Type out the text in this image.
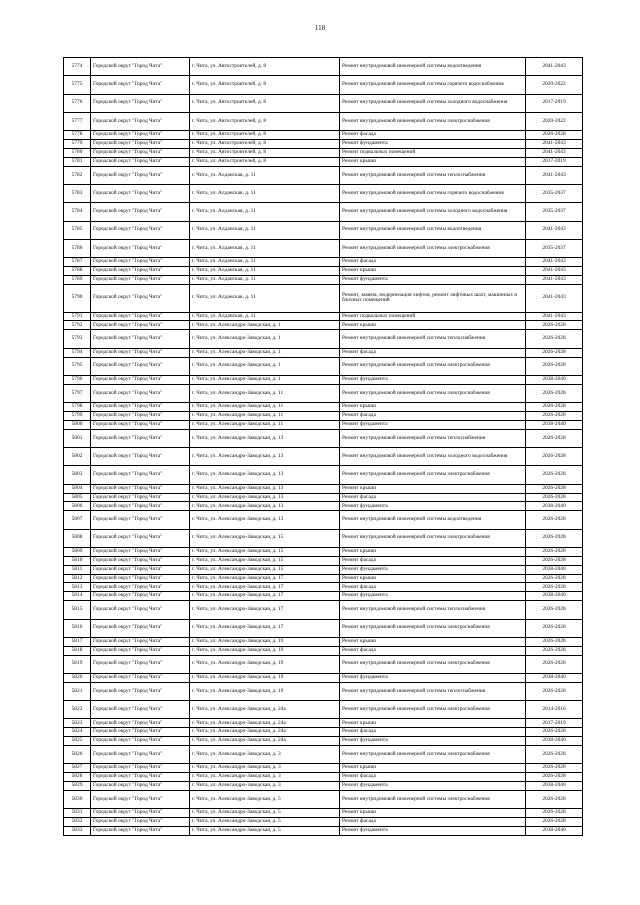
118
5774	Городской округ "Город Чита"	г. Чита, ул. Автостроителей, д. 8	Ремонт внутридомовой инженерной системы водоотведения	2041-2043
5775	Городской округ "Город Чита"	г. Чита, ул. Автостроителей, д. 8	Ремонт внутридомовой инженерной системы горячего водоснабжения	2020-2022
5776	Городской округ "Город Чита"	г. Чита, ул. Автостроителей, д. 8	Ремонт внутридомовой инженерной системы холодного водоснабжения	2017-2019
5777	Городской округ "Город Чита"	г. Чита, ул. Автостроителей, д. 8	Ремонт внутридомовой инженерной системы электроснабжения	2020-2022
5778	Городской округ "Город Чита"	г. Чита, ул. Автостроителей, д. 8	Ремонт фасада	2026-2028
5779	Городской округ "Город Чита"	г. Чита, ул. Автостроителей, д. 8	Ремонт фундамента	2041-2043
5780	Городской округ "Город Чита"	г. Чита, ул. Автостроителей, д. 8	Ремонт подвальных помещений	2041-2043
5781	Городской округ "Город Чита"	г. Чита, ул. Автостроителей, д. 8	Ремонт крыши	2017-2019
5782	Городской округ "Город Чита"	г. Чита, ул. Алданская, д. 11	Ремонт внутридомовой инженерной системы теплоснабжения	2041-2043
5783	Городской округ "Город Чита"	г. Чита, ул. Алданская, д. 11	Ремонт внутридомовой инженерной системы горячего водоснабжения	2035-2037
5784	Городской округ "Город Чита"	г. Чита, ул. Алданская, д. 11	Ремонт внутридомовой инженерной системы холодного водоснабжения	2035-2037
5785	Городской округ "Город Чита"	г. Чита, ул. Алданская, д. 11	Ремонт внутридомовой инженерной системы водоотведения	2041-2043
5786	Городской округ "Город Чита"	г. Чита, ул. Алданская, д. 11	Ремонт внутридомовой инженерной системы электроснабжения	2035-2037
5787	Городской округ "Город Чита"	г. Чита, ул. Алданская, д. 11	Ремонт фасада	2041-2043
5788	Городской округ "Город Чита"	г. Чита, ул. Алданская, д. 11	Ремонт крыши	2041-2043
5789	Городской округ "Город Чита"	г. Чита, ул. Алданская, д. 11	Ремонт фундамента	2041-2043
5790	Городской округ "Город Чита"	г. Чита, ул. Алданская, д. 11	Ремонт, замена, модернизация лифтов, ремонт лифтовых шахт, машинных и блочных помещений	2041-2043
5791	Городской округ "Город Чита"	г. Чита, ул. Алданская, д. 11	Ремонт подвальных помещений	2041-2043
5792	Городской округ "Город Чита"	г. Чита, ул. Александро-Заводская, д. 1	Ремонт крыши	2026-2028
5793	Городской округ "Город Чита"	г. Чита, ул. Александро-Заводская, д. 1	Ремонт внутридомовой инженерной системы теплоснабжения	2026-2028
5794	Городской округ "Город Чита"	г. Чита, ул. Александро-Заводская, д. 1	Ремонт фасада	2026-2028
5795	Городской округ "Город Чита"	г. Чита, ул. Александро-Заводская, д. 1	Ремонт внутридомовой инженерной системы электроснабжения	2026-2028
5796	Городской округ "Город Чита"	г. Чита, ул. Александро-Заводская, д. 1	Ремонт фундамента	2038-2040
5797	Городской округ "Город Чита"	г. Чита, ул. Александро-Заводская, д. 11	Ремонт внутридомовой инженерной системы электроснабжения	2026-2028
5798	Городской округ "Город Чита"	г. Чита, ул. Александро-Заводская, д. 11	Ремонт крыши	2026-2028
5799	Городской округ "Город Чита"	г. Чита, ул. Александро-Заводская, д. 11	Ремонт фасада	2026-2028
5800	Городской округ "Город Чита"	г. Чита, ул. Александро-Заводская, д. 11	Ремонт фундамента	2038-2040
5801	Городской округ "Город Чита"	г. Чита, ул. Александро-Заводская, д. 13	Ремонт внутридомовой инженерной системы теплоснабжения	2026-2028
5802	Городской округ "Город Чита"	г. Чита, ул. Александро-Заводская, д. 13	Ремонт внутридомовой инженерной системы холодного водоснабжения	2026-2028
5803	Городской округ "Город Чита"	г. Чита, ул. Александро-Заводская, д. 13	Ремонт внутридомовой инженерной системы электроснабжения	2026-2028
5804	Городской округ "Город Чита"	г. Чита, ул. Александро-Заводская, д. 13	Ремонт крыши	2026-2028
5805	Городской округ "Город Чита"	г. Чита, ул. Александро-Заводская, д. 13	Ремонт фасада	2026-2028
5806	Городской округ "Город Чита"	г. Чита, ул. Александро-Заводская, д. 13	Ремонт фундамента	2038-2040
5807	Городской округ "Город Чита"	г. Чита, ул. Александро-Заводская, д. 13	Ремонт внутридомовой инженерной системы водоотведения	2026-2028
5808	Городской округ "Город Чита"	г. Чита, ул. Александро-Заводская, д. 15	Ремонт внутридомовой инженерной системы электроснабжения	2026-2028
5809	Городской округ "Город Чита"	г. Чита, ул. Александро-Заводская, д. 15	Ремонт крыши	2026-2028
5810	Городской округ "Город Чита"	г. Чита, ул. Александро-Заводская, д. 15	Ремонт фасада	2026-2028
5811	Городской округ "Город Чита"	г. Чита, ул. Александро-Заводская, д. 15	Ремонт фундамента	2038-2040
5812	Городской округ "Город Чита"	г. Чита, ул. Александро-Заводская, д. 17	Ремонт крыши	2026-2028
5813	Городской округ "Город Чита"	г. Чита, ул. Александро-Заводская, д. 17	Ремонт фасада	2026-2028
5814	Городской округ "Город Чита"	г. Чита, ул. Александро-Заводская, д. 17	Ремонт фундамента	2038-2040
5815	Городской округ "Город Чита"	г. Чита, ул. Александро-Заводская, д. 17	Ремонт внутридомовой инженерной системы теплоснабжения	2026-2028
5816	Городской округ "Город Чита"	г. Чита, ул. Александро-Заводская, д. 17	Ремонт внутридомовой инженерной системы электроснабжения	2026-2028
5817	Городской округ "Город Чита"	г. Чита, ул. Александро-Заводская, д. 19	Ремонт крыши	2026-2028
5818	Городской округ "Город Чита"	г. Чита, ул. Александро-Заводская, д. 19	Ремонт фасада	2026-2028
5819	Городской округ "Город Чита"	г. Чита, ул. Александро-Заводская, д. 19	Ремонт внутридомовой инженерной системы электроснабжения	2026-2028
5820	Городской округ "Город Чита"	г. Чита, ул. Александро-Заводская, д. 19	Ремонт фундамента	2038-2040
5821	Городской округ "Город Чита"	г. Чита, ул. Александро-Заводская, д. 19	Ремонт внутридомовой инженерной системы теплоснабжения	2026-2028
5822	Городской округ "Город Чита"	г. Чита, ул. Александро-Заводская, д. 24а	Ремонт внутридомовой инженерной системы электроснабжения	2014-2016
5823	Городской округ "Город Чита"	г. Чита, ул. Александро-Заводская, д. 24а	Ремонт крыши	2017-2019
5824	Городской округ "Город Чита"	г. Чита, ул. Александро-Заводская, д. 24а	Ремонт фасада	2026-2028
5825	Городской округ "Город Чита"	г. Чита, ул. Александро-Заводская, д. 24а	Ремонт фундамента	2038-2040
5826	Городской округ "Город Чита"	г. Чита, ул. Александро-Заводская, д. 3	Ремонт внутридомовой инженерной системы электроснабжения	2026-2028
5827	Городской округ "Город Чита"	г. Чита, ул. Александро-Заводская, д. 3	Ремонт крыши	2026-2028
5828	Городской округ "Город Чита"	г. Чита, ул. Александро-Заводская, д. 3	Ремонт фасада	2026-2028
5829	Городской округ "Город Чита"	г. Чита, ул. Александро-Заводская, д. 3	Ремонт фундамента	2038-2040
5830	Городской округ "Город Чита"	г. Чита, ул. Александро-Заводская, д. 5	Ремонт внутридомовой инженерной системы электроснабжения	2026-2028
5831	Городской округ "Город Чита"	г. Чита, ул. Александро-Заводская, д. 5	Ремонт крыши	2026-2028
5832	Городской округ "Город Чита"	г. Чита, ул. Александро-Заводская, д. 5	Ремонт фасада	2026-2028
5833	Городской округ "Город Чита"	г. Чита, ул. Александро-Заводская, д. 5	Ремонт фундамента	2038-2040
